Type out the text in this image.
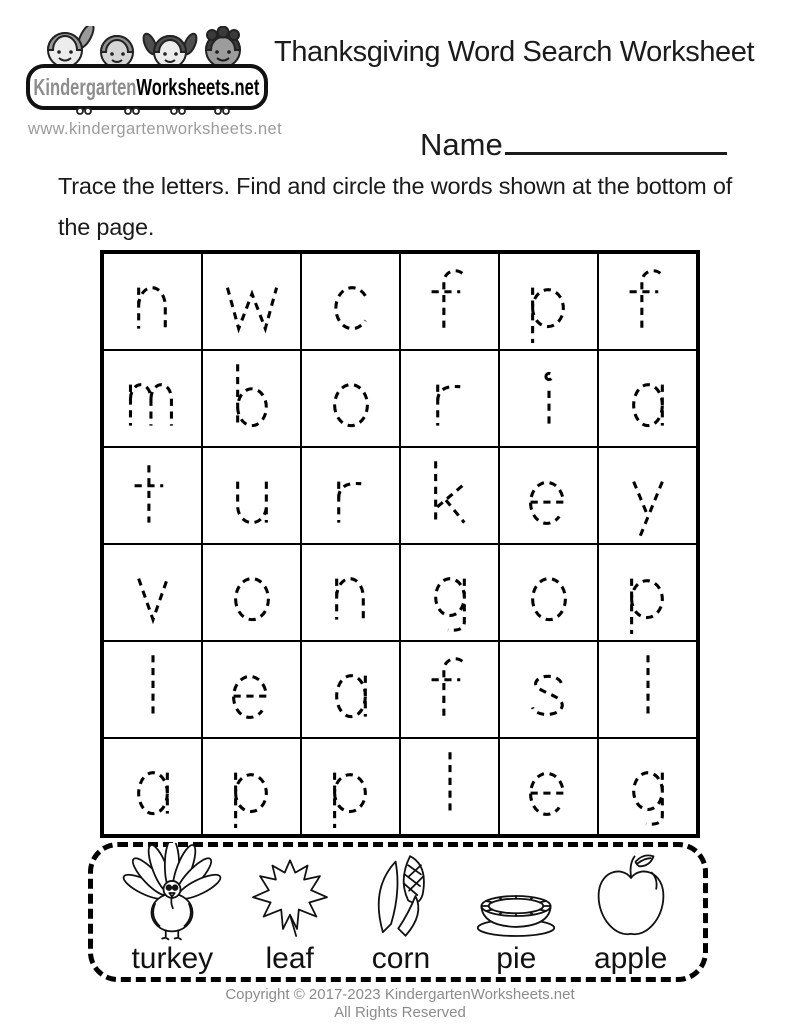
KindergartenWorksheets.net
www.kindergartenworksheets.net
Thanksgiving Word Search Worksheet
Name
Trace the letters. Find and circle the words shown at the bottom of the page.
turkey leaf corn pie apple
Copyright © 2017-2023 KindergartenWorksheets.net
All Rights Reserved
